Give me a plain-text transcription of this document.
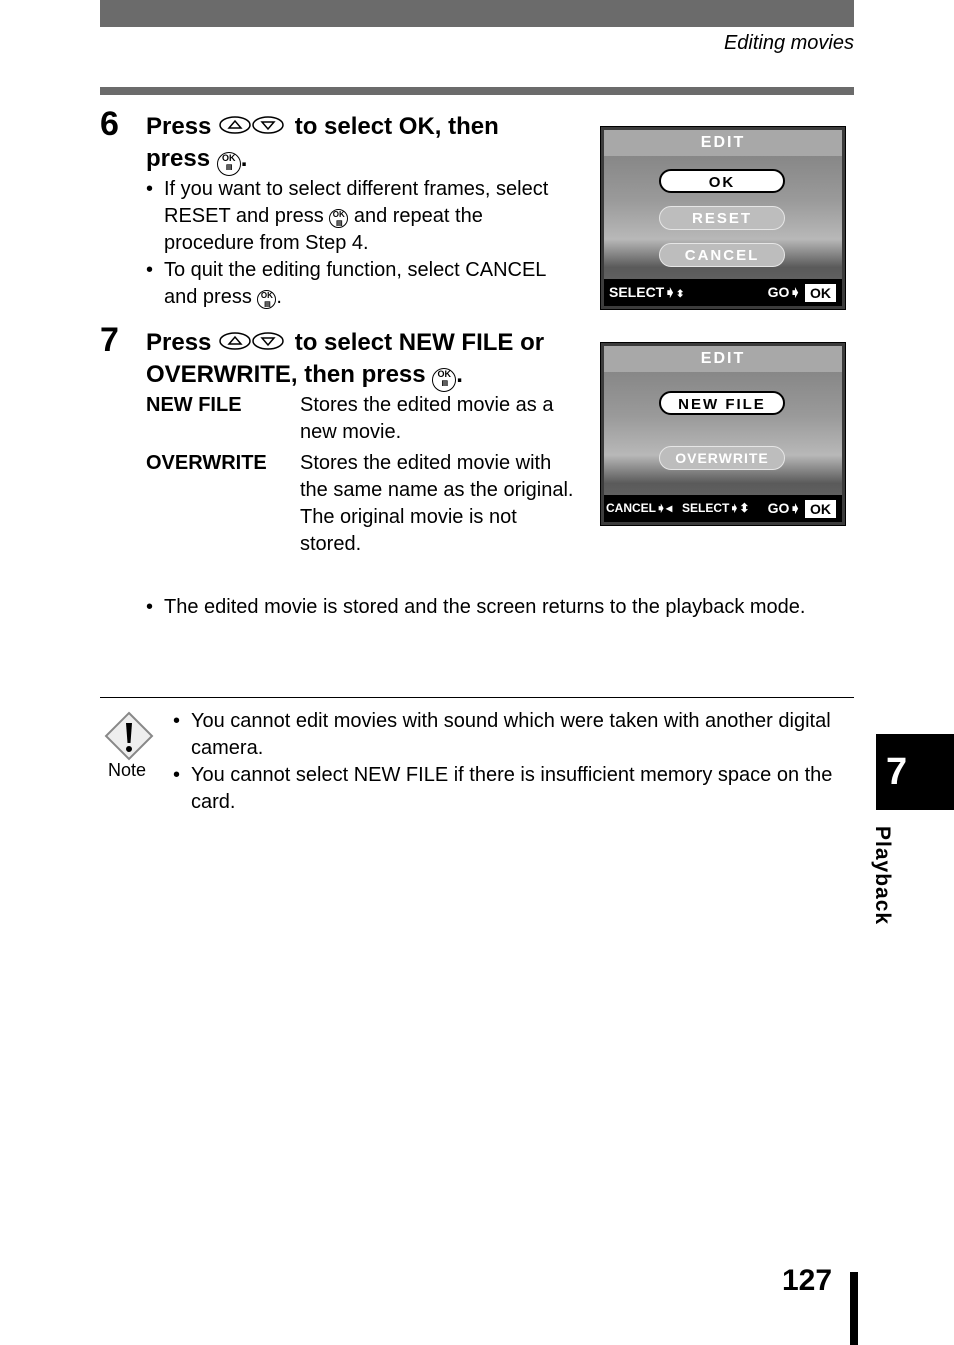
Editing movies
6 Press	to select OK, then
press OK
▤ .
• If you want to select different frames, select RESET and press OK
▤ and repeat the procedure from Step 4.
• To quit the editing function, select CANCEL and press OK
▤ .
EDIT
OK
RESET
CANCEL
SELECT➧⬍	GO➧ OK
7 Press	to select NEW FILE or OVERWRITE, then press OK
▤ .
NEW FILE	Stores the edited movie as a new movie.
OVERWRITE	Stores the edited movie with the same name as the original. The original movie is not stored.
EDIT
NEW FILE
OVERWRITE
CANCEL➧◂ SELECT➧⬍ GO➧ OK
• The edited movie is stored and the screen returns to the playback mode.
Note
• You cannot edit movies with sound which were taken with another digital camera.
• You cannot select NEW FILE if there is insufficient memory space on the card.
7
Playback
127
